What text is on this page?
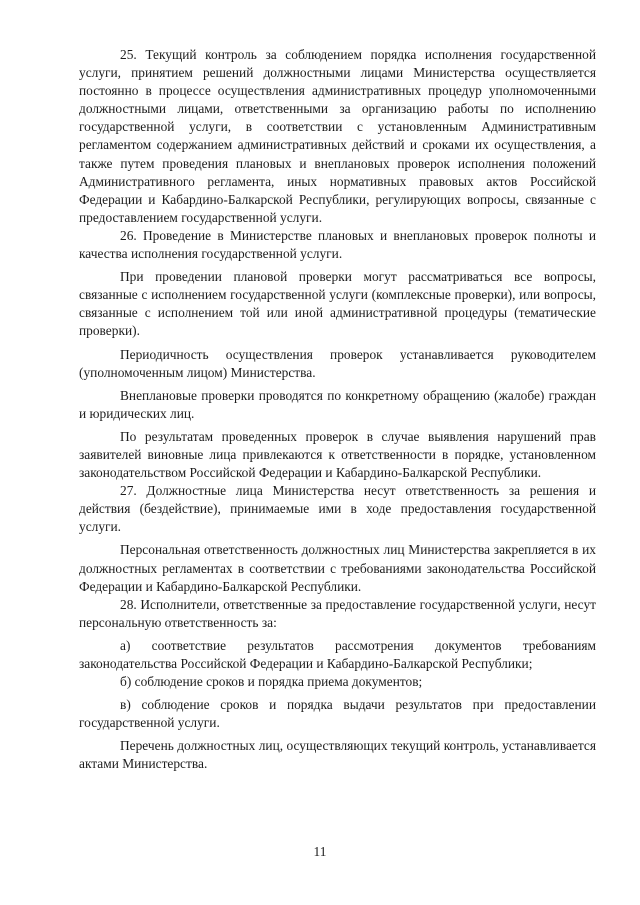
25. Текущий контроль за соблюдением порядка исполнения государственной услуги, принятием решений должностными лицами Министерства осуществляется постоянно в процессе осуществления административных процедур уполномоченными должностными лицами, ответственными за организацию работы по исполнению государственной услуги, в соответствии с установленным Административным регламентом содержанием административных действий и сроками их осуществления, а также путем проведения плановых и внеплановых проверок исполнения положений Административного регламента, иных нормативных правовых актов Российской Федерации и Кабардино-Балкарской Республики, регулирующих вопросы, связанные с предоставлением государственной услуги.

26. Проведение в Министерстве плановых и внеплановых проверок полноты и качества исполнения государственной услуги.

При проведении плановой проверки могут рассматриваться все вопросы, связанные с исполнением государственной услуги (комплексные проверки), или вопросы, связанные с исполнением той или иной административной процедуры (тематические проверки).

Периодичность осуществления проверок устанавливается руководителем (уполномоченным лицом) Министерства.

Внеплановые проверки проводятся по конкретному обращению (жалобе) граждан и юридических лиц.

По результатам проведенных проверок в случае выявления нарушений прав заявителей виновные лица привлекаются к ответственности в порядке, установленном законодательством Российской Федерации и Кабардино-Балкарской Республики.

27. Должностные лица Министерства несут ответственность за решения и действия (бездействие), принимаемые ими в ходе предоставления государственной услуги.

Персональная ответственность должностных лиц Министерства закрепляется в их должностных регламентах в соответствии с требованиями законодательства Российской Федерации и Кабардино-Балкарской Республики.

28. Исполнители, ответственные за предоставление государственной услуги, несут персональную ответственность за:

а) соответствие результатов рассмотрения документов требованиям законодательства Российской Федерации и Кабардино-Балкарской Республики;

б) соблюдение сроков и порядка приема документов;

в) соблюдение сроков и порядка выдачи результатов при предоставлении государственной услуги.

Перечень должностных лиц, осуществляющих текущий контроль, устанавливается актами Министерства.

11
